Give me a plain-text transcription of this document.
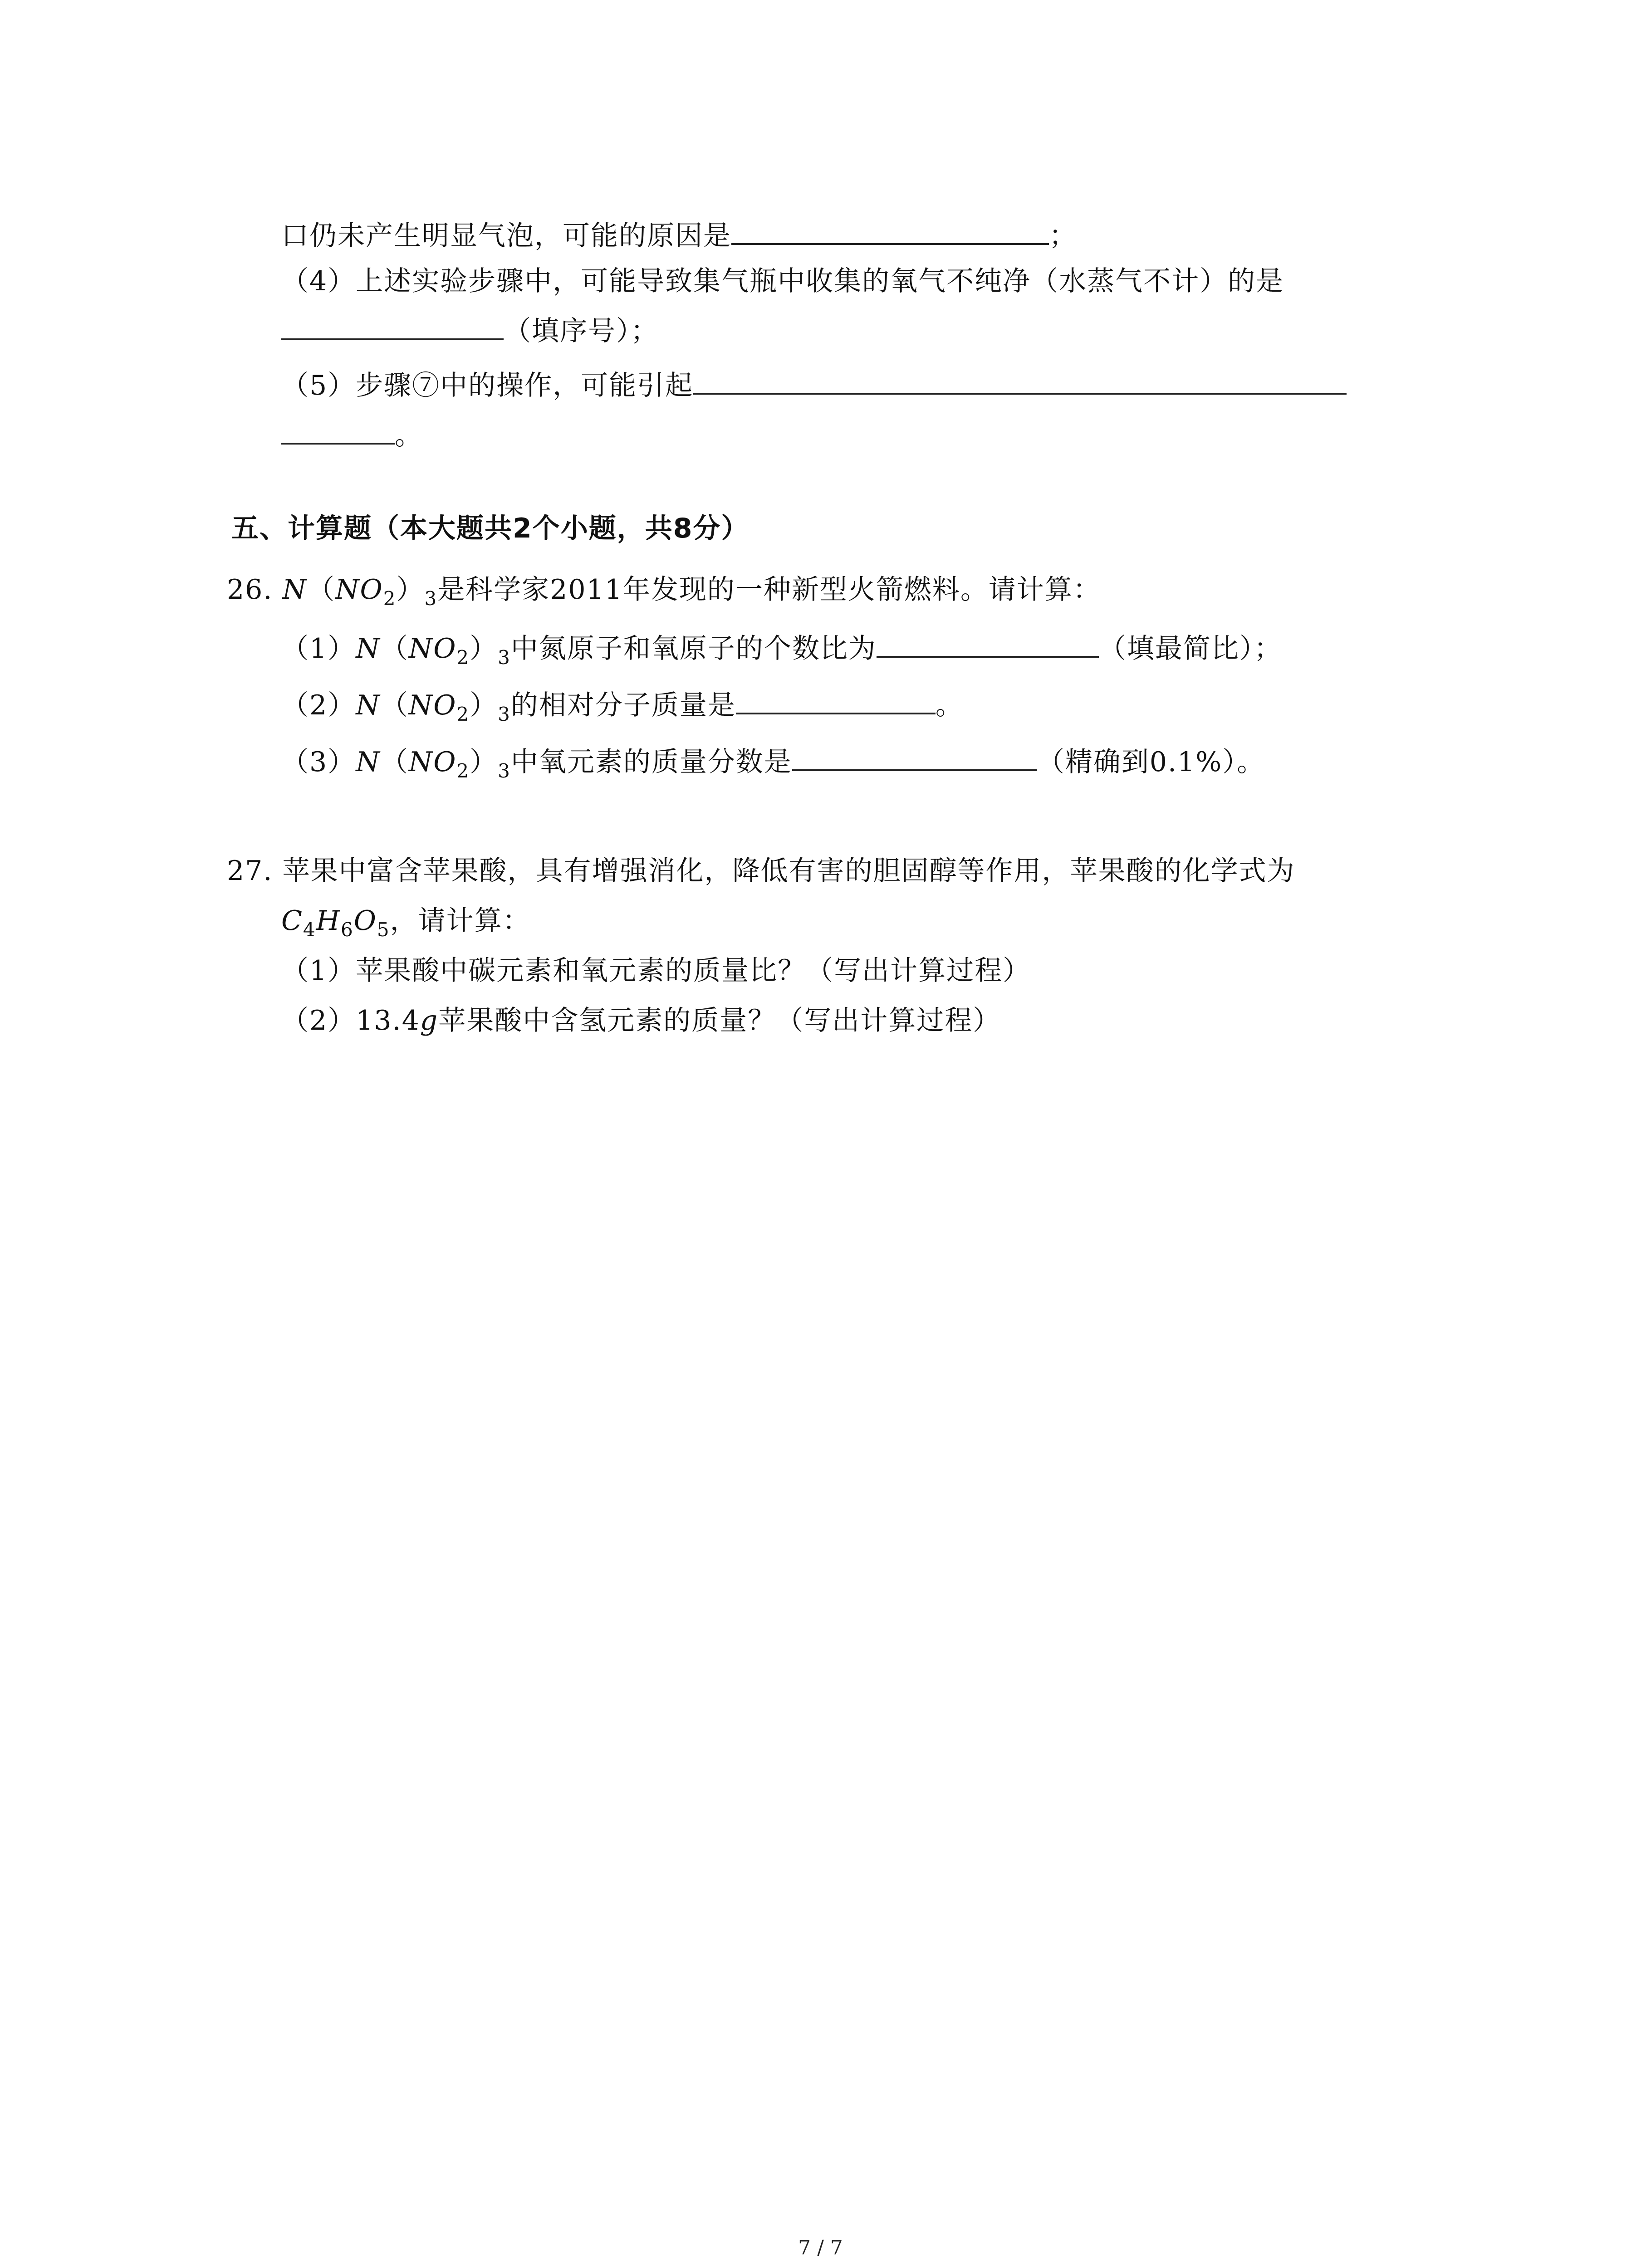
口仍未产生明显气泡，可能的原因是	；
（4）上述实验步骤中，可能导致集气瓶中收集的氧气不纯净（水蒸气不计）的是
（填序号）；
（5）步骤⑦中的操作，可能引起
。
五、计算题（本大题共2个小题，共8分）
26. $N(NO_2)_3$是科学家2011年发现的一种新型火箭燃料。请计算：
$(1)N(NO_2)_3$中氮原子和氧原子的个数比为	（填最简比）；
$(2)N(NO_2)_3$的相对分子质量是	。
$(3)N(NO_2)_3$中氧元素的质量分数是	（精确到0.1%）。
27. 苹果中富含苹果酸，具有增强消化，降低有害的胆固醇等作用，苹果酸的化学式为
$C_4H_6O_5$，请计算：
（1）苹果酸中碳元素和氧元素的质量比？（写出计算过程）
（2）13.4g苹果酸中含氢元素的质量？（写出计算过程）
7 / 7
